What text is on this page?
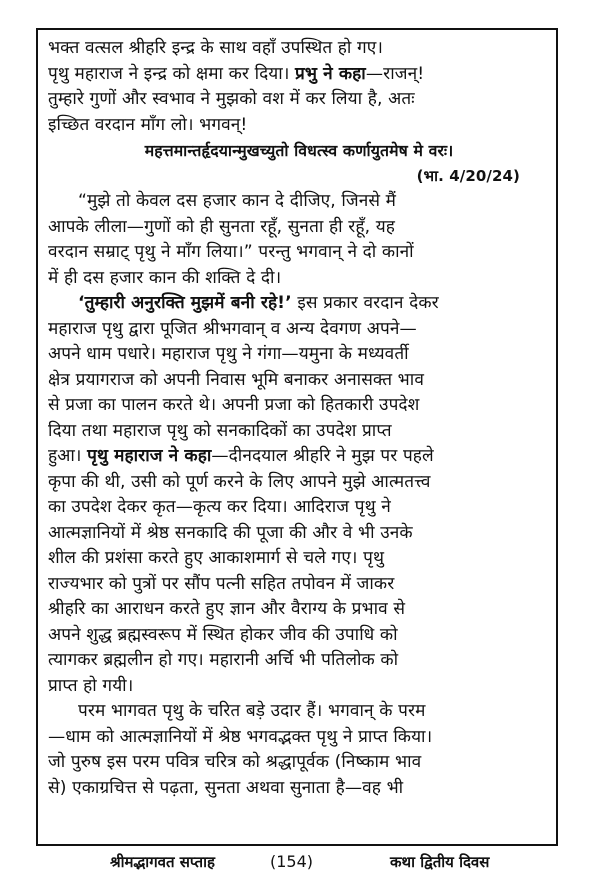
भक्त वत्सल श्रीहरि इन्द्र के साथ वहाँ उपस्थित हो गए।
पृथु महाराज ने इन्द्र को क्षमा कर दिया। प्रभु ने कहा—राजन्!
तुम्हारे गुणों और स्वभाव ने मुझको वश में कर लिया है, अतः
इच्छित वरदान माँग लो। भगवन्!
महत्तमान्तर्हृदयान्मुखच्युतो विधत्स्व कर्णायुतमेष मे वरः।
(भा. 4/20/24)
“मुझे तो केवल दस हजार कान दे दीजिए, जिनसे मैं
आपके लीला—गुणों को ही सुनता रहूँ, सुनता ही रहूँ, यह
वरदान सम्राट् पृथु ने माँग लिया।” परन्तु भगवान् ने दो कानों
में ही दस हजार कान की शक्ति दे दी।
‘तुम्हारी अनुरक्ति मुझमें बनी रहे!’ इस प्रकार वरदान देकर
महाराज पृथु द्वारा पूजित श्रीभगवान् व अन्य देवगण अपने—
अपने धाम पधारे। महाराज पृथु ने गंगा—यमुना के मध्यवर्ती
क्षेत्र प्रयागराज को अपनी निवास भूमि बनाकर अनासक्त भाव
से प्रजा का पालन करते थे। अपनी प्रजा को हितकारी उपदेश
दिया तथा महाराज पृथु को सनकादिकों का उपदेश प्राप्त
हुआ। पृथु महाराज ने कहा—दीनदयाल श्रीहरि ने मुझ पर पहले
कृपा की थी, उसी को पूर्ण करने के लिए आपने मुझे आत्मतत्त्व
का उपदेश देकर कृत—कृत्य कर दिया। आदिराज पृथु ने
आत्मज्ञानियों में श्रेष्ठ सनकादि की पूजा की और वे भी उनके
शील की प्रशंसा करते हुए आकाशमार्ग से चले गए। पृथु
राज्यभार को पुत्रों पर सौंप पत्नी सहित तपोवन में जाकर
श्रीहरि का आराधन करते हुए ज्ञान और वैराग्य के प्रभाव से
अपने शुद्ध ब्रह्मस्वरूप में स्थित होकर जीव की उपाधि को
त्यागकर ब्रह्मलीन हो गए। महारानी अर्चि भी पतिलोक को
प्राप्त हो गयी।
परम भागवत पृथु के चरित बड़े उदार हैं। भगवान् के परम
—धाम को आत्मज्ञानियों में श्रेष्ठ भगवद्भक्त पृथु ने प्राप्त किया।
जो पुरुष इस परम पवित्र चरित्र को श्रद्धापूर्वक (निष्काम भाव
से) एकाग्रचित्त से पढ़ता, सुनता अथवा सुनाता है—वह भी
श्रीमद्भागवत सप्ताह	(154)	कथा द्वितीय दिवस
